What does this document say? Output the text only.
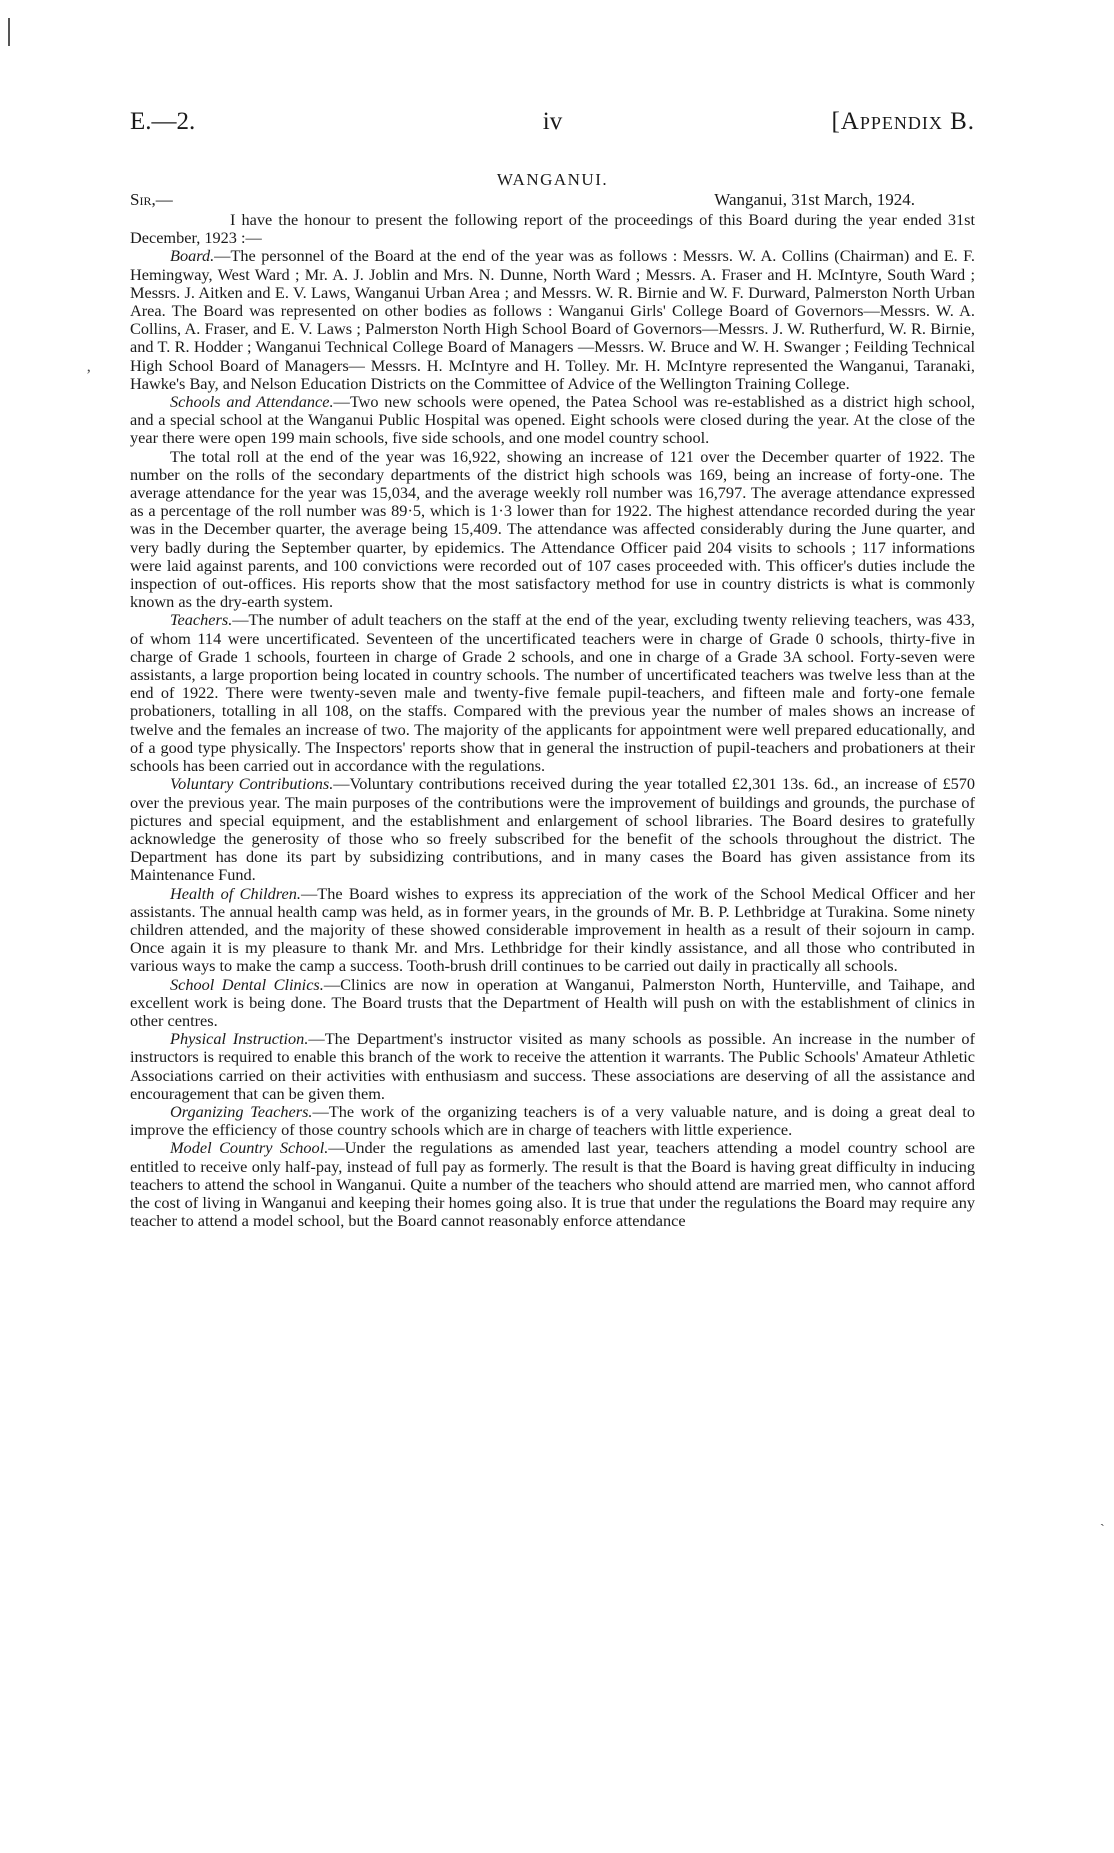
E.—2.	iv	[Appendix B.
WANGANUI.
Sir,—	Wanganui, 31st March, 1924.
‚
ˏ

I have the honour to present the following report of the proceedings of this Board during the year ended 31st December, 1923 :—

Board.—The personnel of the Board at the end of the year was as follows : Messrs. W. A. Collins (Chairman) and E. F. Hemingway, West Ward ; Mr. A. J. Joblin and Mrs. N. Dunne, North Ward ; Messrs. A. Fraser and H. McIntyre, South Ward ; Messrs. J. Aitken and E. V. Laws, Wanganui Urban Area ; and Messrs. W. R. Birnie and W. F. Durward, Palmerston North Urban Area. The Board was represented on other bodies as follows : Wanganui Girls' College Board of Governors—Messrs. W. A. Collins, A. Fraser, and E. V. Laws ; Palmerston North High School Board of Governors—Messrs. J. W. Rutherfurd, W. R. Birnie, and T. R. Hodder ; Wanganui Technical College Board of Managers —Messrs. W. Bruce and W. H. Swanger ; Feilding Technical High School Board of Managers— Messrs. H. McIntyre and H. Tolley. Mr. H. McIntyre represented the Wanganui, Taranaki, Hawke's Bay, and Nelson Education Districts on the Committee of Advice of the Wellington Training College.

Schools and Attendance.—Two new schools were opened, the Patea School was re-established as a district high school, and a special school at the Wanganui Public Hospital was opened. Eight schools were closed during the year. At the close of the year there were open 199 main schools, five side schools, and one model country school.

The total roll at the end of the year was 16,922, showing an increase of 121 over the December quarter of 1922. The number on the rolls of the secondary departments of the district high schools was 169, being an increase of forty-one. The average attendance for the year was 15,034, and the average weekly roll number was 16,797. The average attendance expressed as a percentage of the roll number was 89·5, which is 1·3 lower than for 1922. The highest attendance recorded during the year was in the December quarter, the average being 15,409. The attendance was affected considerably during the June quarter, and very badly during the September quarter, by epidemics. The Attendance Officer paid 204 visits to schools ; 117 informations were laid against parents, and 100 convictions were recorded out of 107 cases proceeded with. This officer's duties include the inspection of out-offices. His reports show that the most satisfactory method for use in country districts is what is commonly known as the dry-earth system.

Teachers.—The number of adult teachers on the staff at the end of the year, excluding twenty relieving teachers, was 433, of whom 114 were uncertificated. Seventeen of the uncertificated teachers were in charge of Grade 0 schools, thirty-five in charge of Grade 1 schools, fourteen in charge of Grade 2 schools, and one in charge of a Grade 3A school. Forty-seven were assistants, a large proportion being located in country schools. The number of uncertificated teachers was twelve less than at the end of 1922. There were twenty-seven male and twenty-five female pupil-teachers, and fifteen male and forty-one female probationers, totalling in all 108, on the staffs. Compared with the previous year the number of males shows an increase of twelve and the females an increase of two. The majority of the applicants for appointment were well prepared educationally, and of a good type physically. The Inspectors' reports show that in general the instruction of pupil-teachers and probationers at their schools has been carried out in accordance with the regulations.

Voluntary Contributions.—Voluntary contributions received during the year totalled £2,301 13s. 6d., an increase of £570 over the previous year. The main purposes of the contributions were the improvement of buildings and grounds, the purchase of pictures and special equipment, and the establishment and enlargement of school libraries. The Board desires to gratefully acknowledge the generosity of those who so freely subscribed for the benefit of the schools throughout the district. The Department has done its part by subsidizing contributions, and in many cases the Board has given assistance from its Maintenance Fund.

Health of Children.—The Board wishes to express its appreciation of the work of the School Medical Officer and her assistants. The annual health camp was held, as in former years, in the grounds of Mr. B. P. Lethbridge at Turakina. Some ninety children attended, and the majority of these showed considerable improvement in health as a result of their sojourn in camp. Once again it is my pleasure to thank Mr. and Mrs. Lethbridge for their kindly assistance, and all those who contributed in various ways to make the camp a success. Tooth-brush drill continues to be carried out daily in practically all schools.

School Dental Clinics.—Clinics are now in operation at Wanganui, Palmerston North, Hunterville, and Taihape, and excellent work is being done. The Board trusts that the Department of Health will push on with the establishment of clinics in other centres.

Physical Instruction.—The Department's instructor visited as many schools as possible. An increase in the number of instructors is required to enable this branch of the work to receive the attention it warrants. The Public Schools' Amateur Athletic Associations carried on their activities with enthusiasm and success. These associations are deserving of all the assistance and encouragement that can be given them.

Organizing Teachers.—The work of the organizing teachers is of a very valuable nature, and is doing a great deal to improve the efficiency of those country schools which are in charge of teachers with little experience.

Model Country School.—Under the regulations as amended last year, teachers attending a model country school are entitled to receive only half-pay, instead of full pay as formerly. The result is that the Board is having great difficulty in inducing teachers to attend the school in Wanganui. Quite a number of the teachers who should attend are married men, who cannot afford the cost of living in Wanganui and keeping their homes going also. It is true that under the regulations the Board may require any teacher to attend a model school, but the Board cannot reasonably enforce attendance
